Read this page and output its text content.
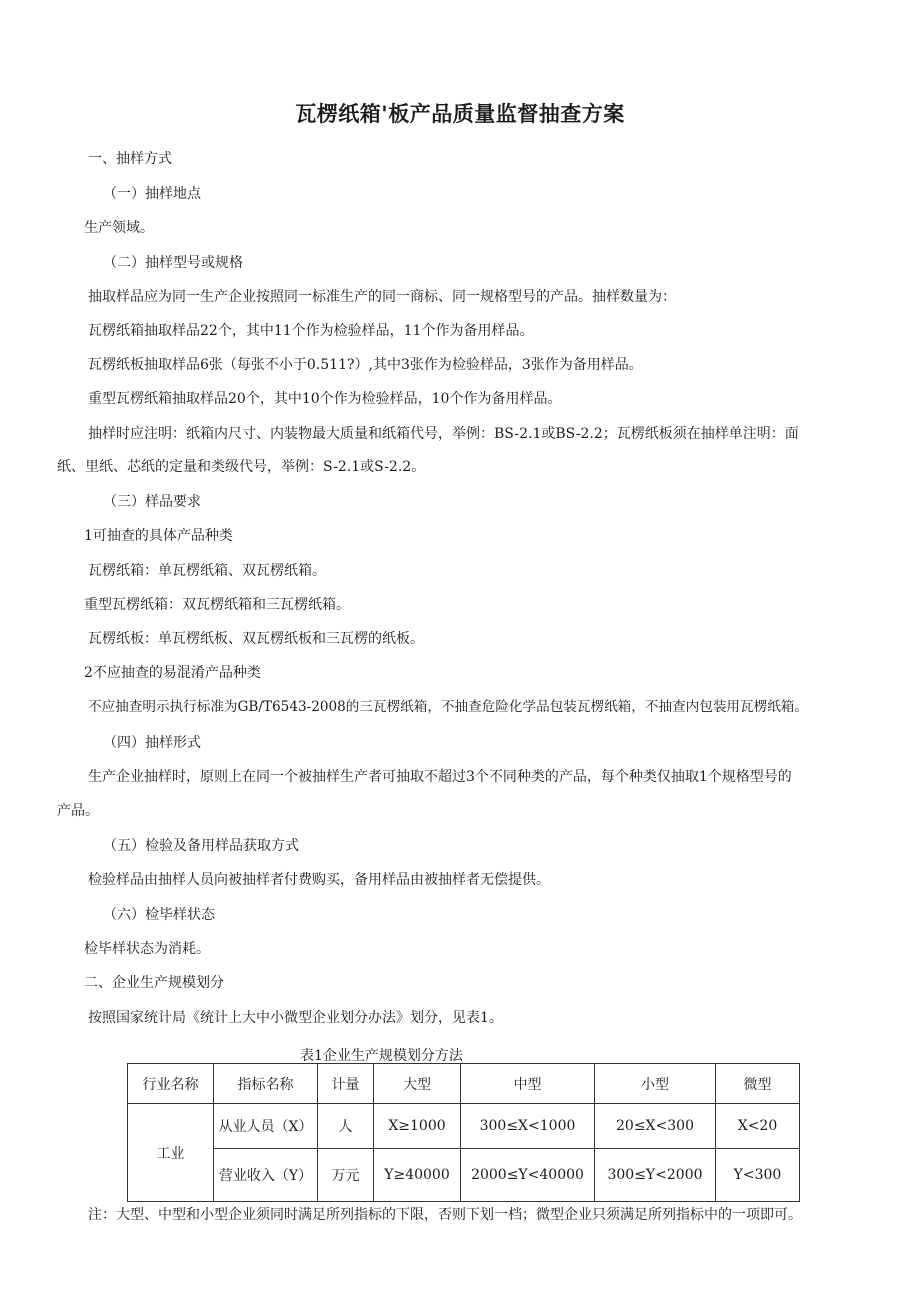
瓦楞纸箱'板产品质量监督抽查方案
一、抽样方式
（一）抽样地点
生产领域。
（二）抽样型号或规格
抽取样品应为同一生产企业按照同一标准生产的同一商标、同一规格型号的产品。抽样数量为：
瓦楞纸箱抽取样品22个，其中11个作为检验样品，11个作为备用样品。
瓦楞纸板抽取样品6张（每张不小于0.511?）,其中3张作为检验样品，3张作为备用样品。
重型瓦楞纸箱抽取样品20个，其中10个作为检验样品，10个作为备用样品。
抽样时应注明：纸箱内尺寸、内装物最大质量和纸箱代号，举例：BS-2.1或BS-2.2；瓦楞纸板须在抽样单注明：面
纸、里纸、芯纸的定量和类级代号，举例：S-2.1或S-2.2。
（三）样品要求
1可抽查的具体产品种类
瓦楞纸箱：单瓦楞纸箱、双瓦楞纸箱。
重型瓦楞纸箱：双瓦楞纸箱和三瓦楞纸箱。
瓦楞纸板：单瓦楞纸板、双瓦楞纸板和三瓦楞的纸板。
2不应抽查的易混淆产品种类
不应抽查明示执行标准为GB/T6543-2008的三瓦楞纸箱，不抽查危险化学品包装瓦楞纸箱，不抽查内包装用瓦楞纸箱。
（四）抽样形式
生产企业抽样时，原则上在同一个被抽样生产者可抽取不超过3个不同种类的产品，每个种类仅抽取1个规格型号的
产品。
（五）检验及备用样品获取方式
检验样品由抽样人员向被抽样者付费购买，备用样品由被抽样者无偿提供。
（六）检毕样状态
检毕样状态为消耗。
二、企业生产规模划分
按照国家统计局《统计上大中小微型企业划分办法》划分，见表1。
表1企业生产规模划分方法
行业名称	指标名称	计量	大型	中型	小型	微型
工业	从业人员（X）	人	X≥1000	300≤X<1000	20≤X<300	X<20
	营业收入（Y）	万元	Y≥40000	2000≤Y<40000	300≤Y<2000	Y<300
注：大型、中型和小型企业须同时满足所列指标的下限，否则下划一档；微型企业只须满足所列指标中的一项即可。
